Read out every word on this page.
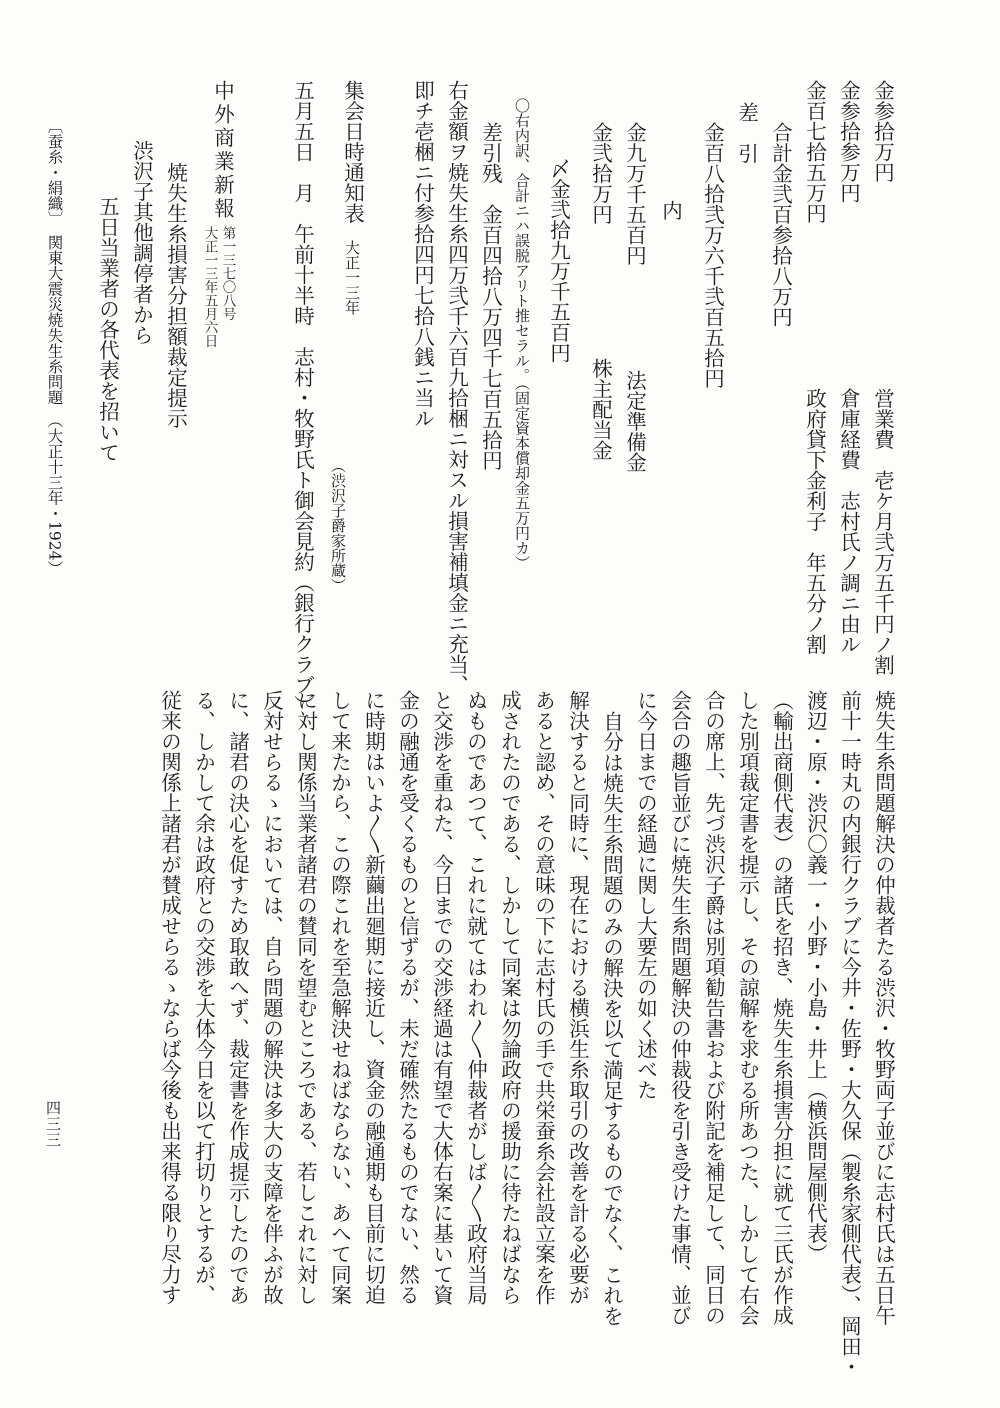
金参拾万円
営業費　壱ケ月弐万五千円ノ割
金参拾参万円
倉庫経費　志村氏ノ調ニ由ル
金百七拾五万円
政府貸下金利子　年五分ノ割
合計金弐百参拾八万円
差　引
金百八拾弐万六千弐百五拾円
内
金九万千五百円
法定準備金
金弐拾万円
株主配当金
〆金弐拾九万千五百円
〇右内訳、合計ニハ誤脱アリト推セラル。（固定資本償却金五万円カ）
差引残　金百四拾八万四千七百五拾円
右金額ヲ焼失生糸四万弐千六百九拾梱ニ対スル損害補填金ニ充当、
即チ壱梱ニ付参拾四円七拾八銭ニ当ル
集会日時通知表
大正一三年
（渋沢子爵家所蔵）
五月五日　月　午前十半時　志村・牧野氏ト御会見約（銀行クラブ）
中外商業新報
第一三七〇八号
大正一三年五月六日
焼失生糸損害分担額裁定提示
渋沢子其他調停者から
五日当業者の各代表を招いて
〔蚕糸・絹織〕　関東大震災焼失生糸問題　（大正十三年・1924）
四三三	焼失生糸問題解決の仲裁者たる渋沢・牧野両子並びに志村氏は五日午
前十一時丸の内銀行クラブに今井・佐野・大久保（製糸家側代表）、岡田・
渡辺・原・渋沢〇義一・小野・小島・井上（横浜問屋側代表）
（輸出商側代表）の諸氏を招き、焼失生糸損害分担に就て三氏が作成
した別項裁定書を提示し、その諒解を求むる所あつた、しかして右会
合の席上、先づ渋沢子爵は別項勧告書および附記を補足して、同日の
会合の趣旨並びに焼失生糸問題解決の仲裁役を引き受けた事情、並び
に今日までの経過に関し大要左の如く述べた
自分は焼失生糸問題のみの解決を以て満足するものでなく、これを
解決すると同時に、現在における横浜生糸取引の改善を計る必要が
あると認め、その意味の下に志村氏の手で共栄蚕糸会社設立案を作
成されたのである、しかして同案は勿論政府の援助に待たねばなら
ぬものであつて、これに就てはわれ〳〵仲裁者がしば〳〵政府当局
と交渉を重ねた、今日までの交渉経過は有望で大体右案に基いて資
金の融通を受くるものと信ずるが、未だ確然たるものでない、然る
に時期はいよ〳〵新繭出廻期に接近し、資金の融通期も目前に切迫
して来たから、この際これを至急解決せねばならない、あへて同案
に対し関係当業者諸君の賛同を望むところである、若しこれに対し
反対せらるゝにおいては、自ら問題の解決は多大の支障を伴ふが故
に、諸君の決心を促すため取敢へず、裁定書を作成提示したのであ
る、しかして余は政府との交渉を大体今日を以て打切りとするが、
従来の関係上諸君が賛成せらるゝならば今後も出来得る限り尽力す
